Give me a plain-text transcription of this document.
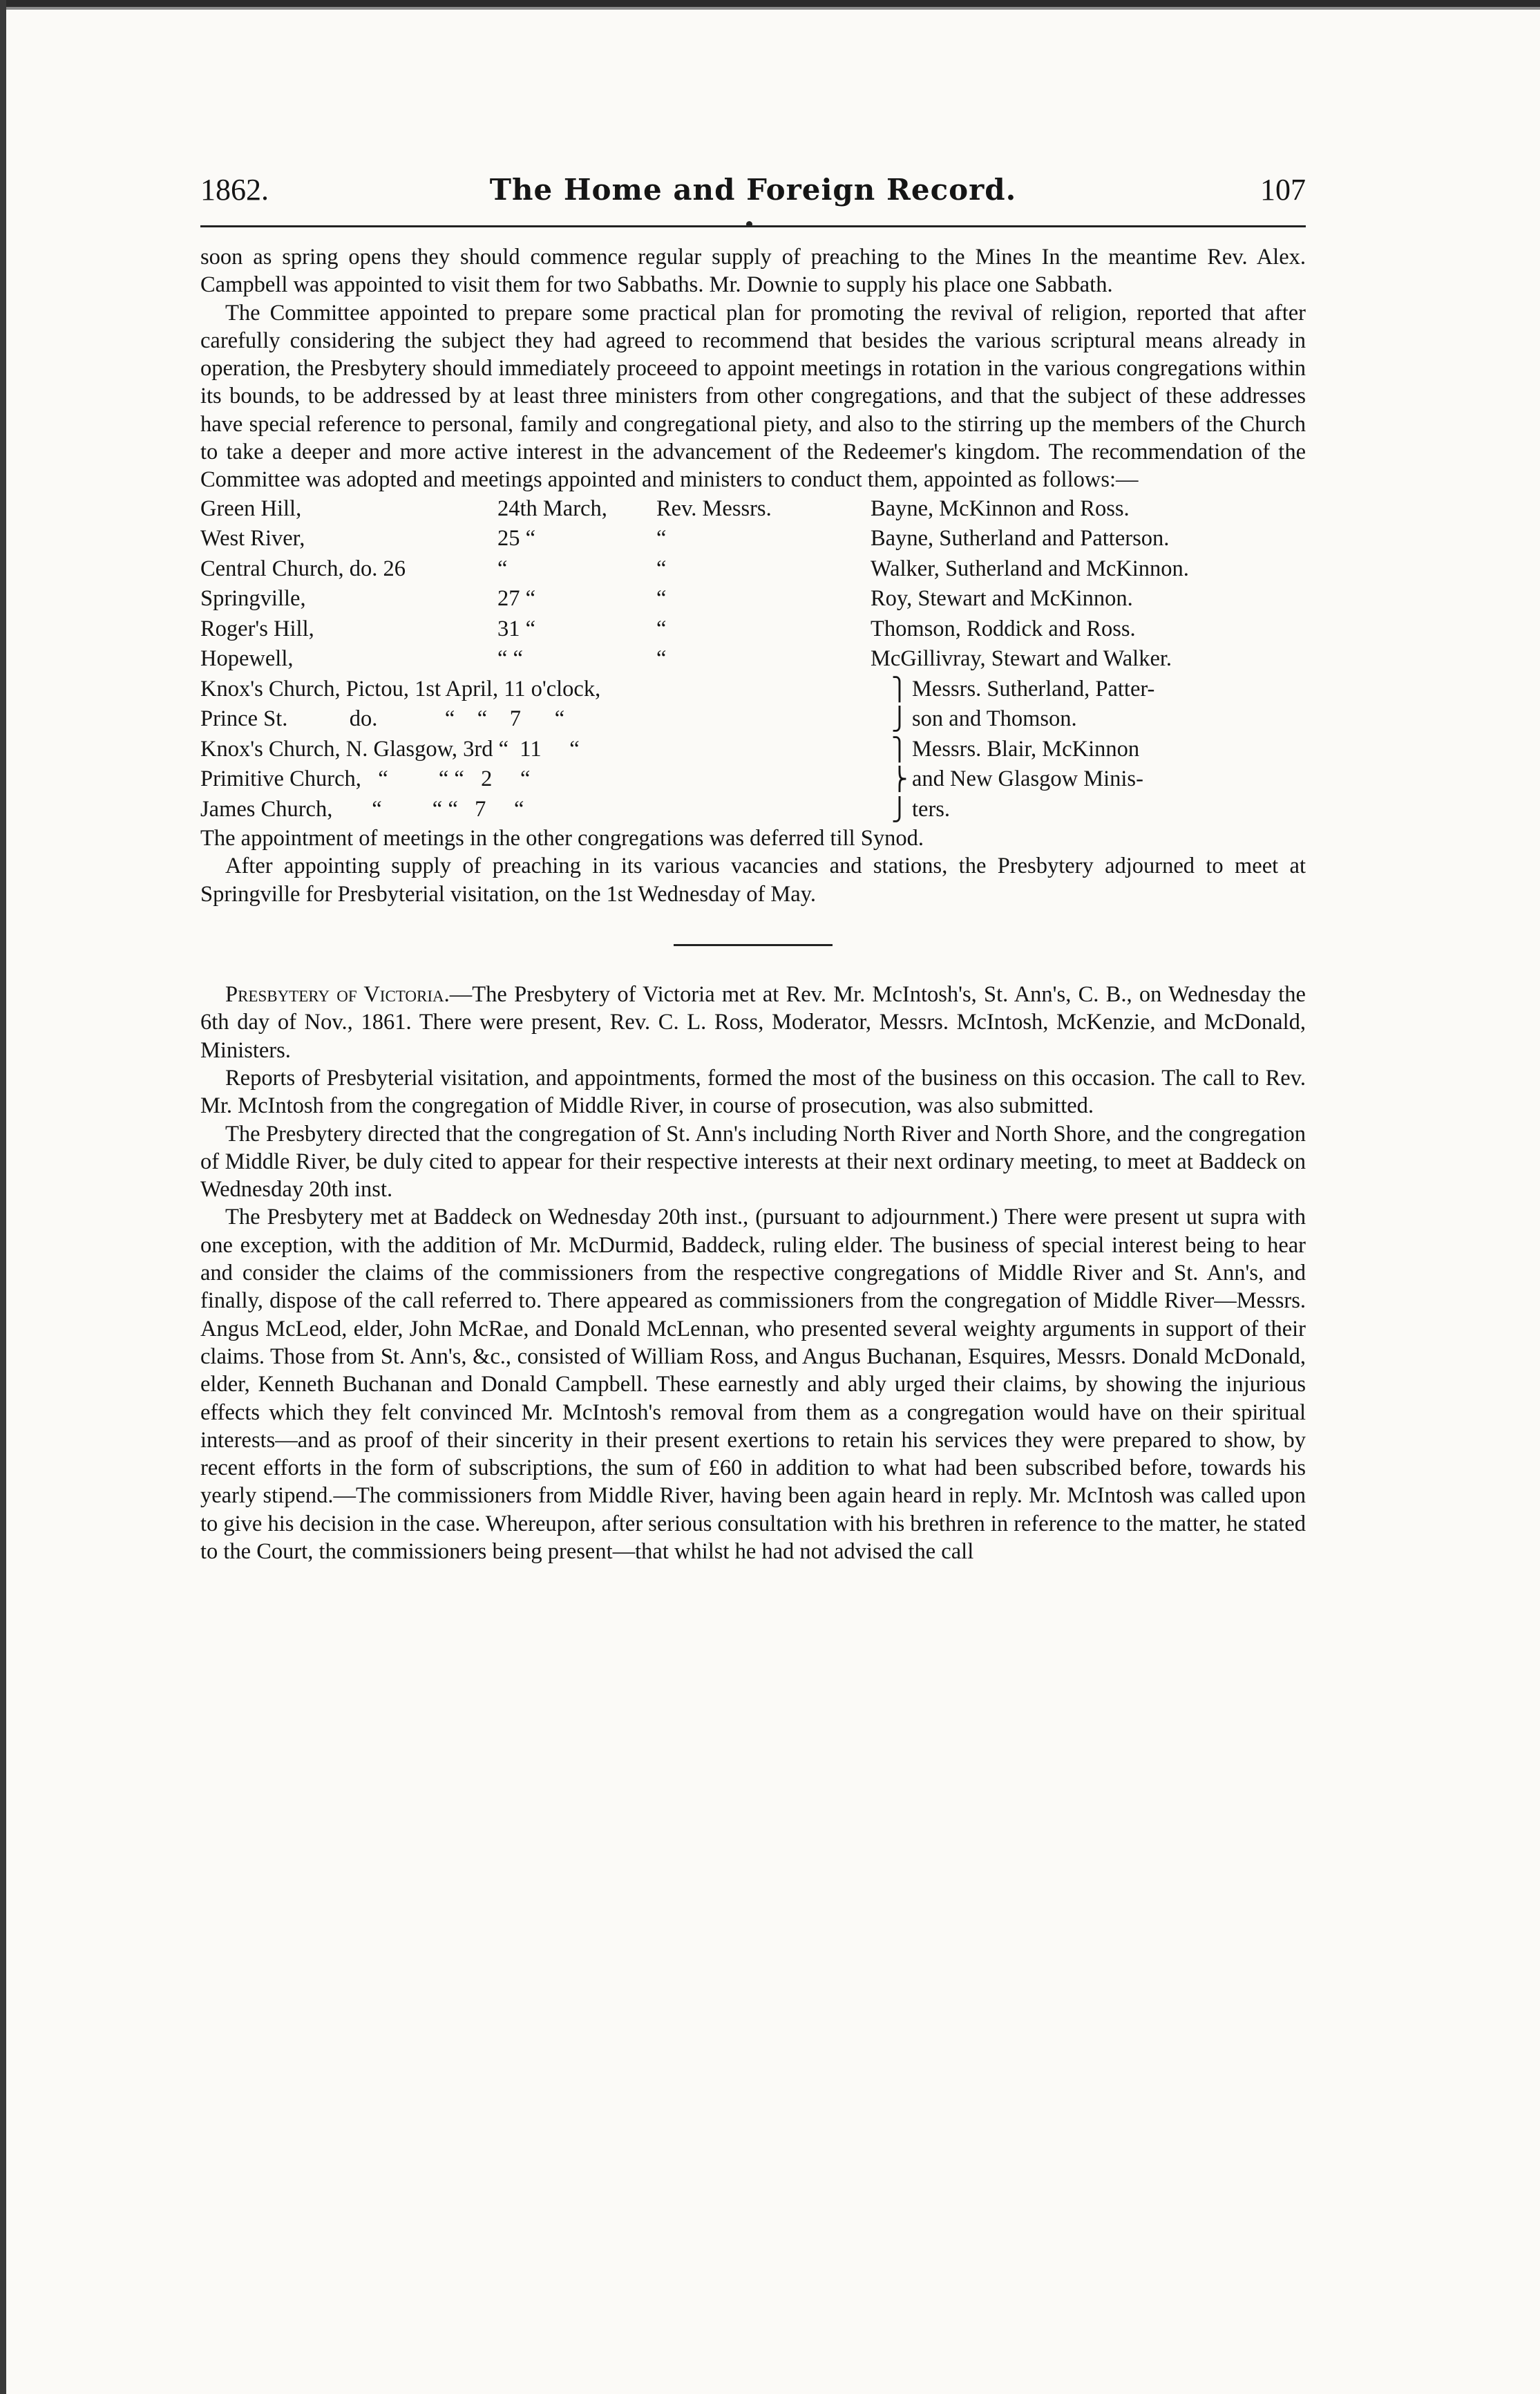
1862.	The Home and Foreign Record.	107

soon as spring opens they should commence regular supply of preaching to the Mines In the meantime Rev. Alex. Campbell was appointed to visit them for two Sabbaths. Mr. Downie to supply his place one Sabbath.

The Committee appointed to prepare some practical plan for promoting the revival of religion, reported that after carefully considering the subject they had agreed to recommend that besides the various scriptural means already in operation, the Presbytery should immediately proceeed to appoint meetings in rotation in the various congregations within its bounds, to be addressed by at least three ministers from other congregations, and that the subject of these addresses have special reference to personal, family and congregational piety, and also to the stirring up the members of the Church to take a deeper and more active interest in the advancement of the Redeemer's kingdom. The recommendation of the Committee was adopted and meetings appointed and ministers to conduct them, appointed as follows:—

Green Hill,	24th March,	Rev. Messrs.	Bayne, McKinnon and Ross.
West River,	25 “	“	Bayne, Sutherland and Patterson.
Central Church, do. 26	“	“	Walker, Sutherland and McKinnon.
Springville,	27 “	“	Roy, Stewart and McKinnon.
Roger's Hill,	31 “	“	Thomson, Roddick and Ross.
Hopewell,	“ “	“	McGillivray, Stewart and Walker.
Knox's Church, Pictou, 1st April, 11 o'clock,	⎫	Messrs. Sutherland, Patter-
Prince St.           do.            “    “    7      “	⎭	son and Thomson.
Knox's Church, N. Glasgow, 3rd “  11     “	⎫	Messrs. Blair, McKinnon
Primitive Church,   “         “ “   2     “	⎬	and New Glasgow Minis-
James Church,       “         “ “   7     “	⎭	ters.

The appointment of meetings in the other congregations was deferred till Synod.

After appointing supply of preaching in its various vacancies and stations, the Presbytery adjourned to meet at Springville for Presbyterial visitation, on the 1st Wednesday of May.

Presbytery of Victoria.—The Presbytery of Victoria met at Rev. Mr. McIntosh's, St. Ann's, C. B., on Wednesday the 6th day of Nov., 1861. There were present, Rev. C. L. Ross, Moderator, Messrs. McIntosh, McKenzie, and McDonald, Ministers.

Reports of Presbyterial visitation, and appointments, formed the most of the business on this occasion. The call to Rev. Mr. McIntosh from the congregation of Middle River, in course of prosecution, was also submitted.

The Presbytery directed that the congregation of St. Ann's including North River and North Shore, and the congregation of Middle River, be duly cited to appear for their respective interests at their next ordinary meeting, to meet at Baddeck on Wednesday 20th inst.

The Presbytery met at Baddeck on Wednesday 20th inst., (pursuant to adjournment.) There were present ut supra with one exception, with the addition of Mr. McDurmid, Baddeck, ruling elder. The business of special interest being to hear and consider the claims of the commissioners from the respective congregations of Middle River and St. Ann's, and finally, dispose of the call referred to. There appeared as commissioners from the congregation of Middle River—Messrs. Angus McLeod, elder, John McRae, and Donald McLennan, who presented several weighty arguments in support of their claims. Those from St. Ann's, &c., consisted of William Ross, and Angus Buchanan, Esquires, Messrs. Donald McDonald, elder, Kenneth Buchanan and Donald Campbell. These earnestly and ably urged their claims, by showing the injurious effects which they felt convinced Mr. McIntosh's removal from them as a congregation would have on their spiritual interests—and as proof of their sincerity in their present exertions to retain his services they were prepared to show, by recent efforts in the form of subscriptions, the sum of £60 in addition to what had been subscribed before, towards his yearly stipend.—The commissioners from Middle River, having been again heard in reply. Mr. McIntosh was called upon to give his decision in the case. Whereupon, after serious consultation with his brethren in reference to the matter, he stated to the Court, the commissioners being present—that whilst he had not advised the call
